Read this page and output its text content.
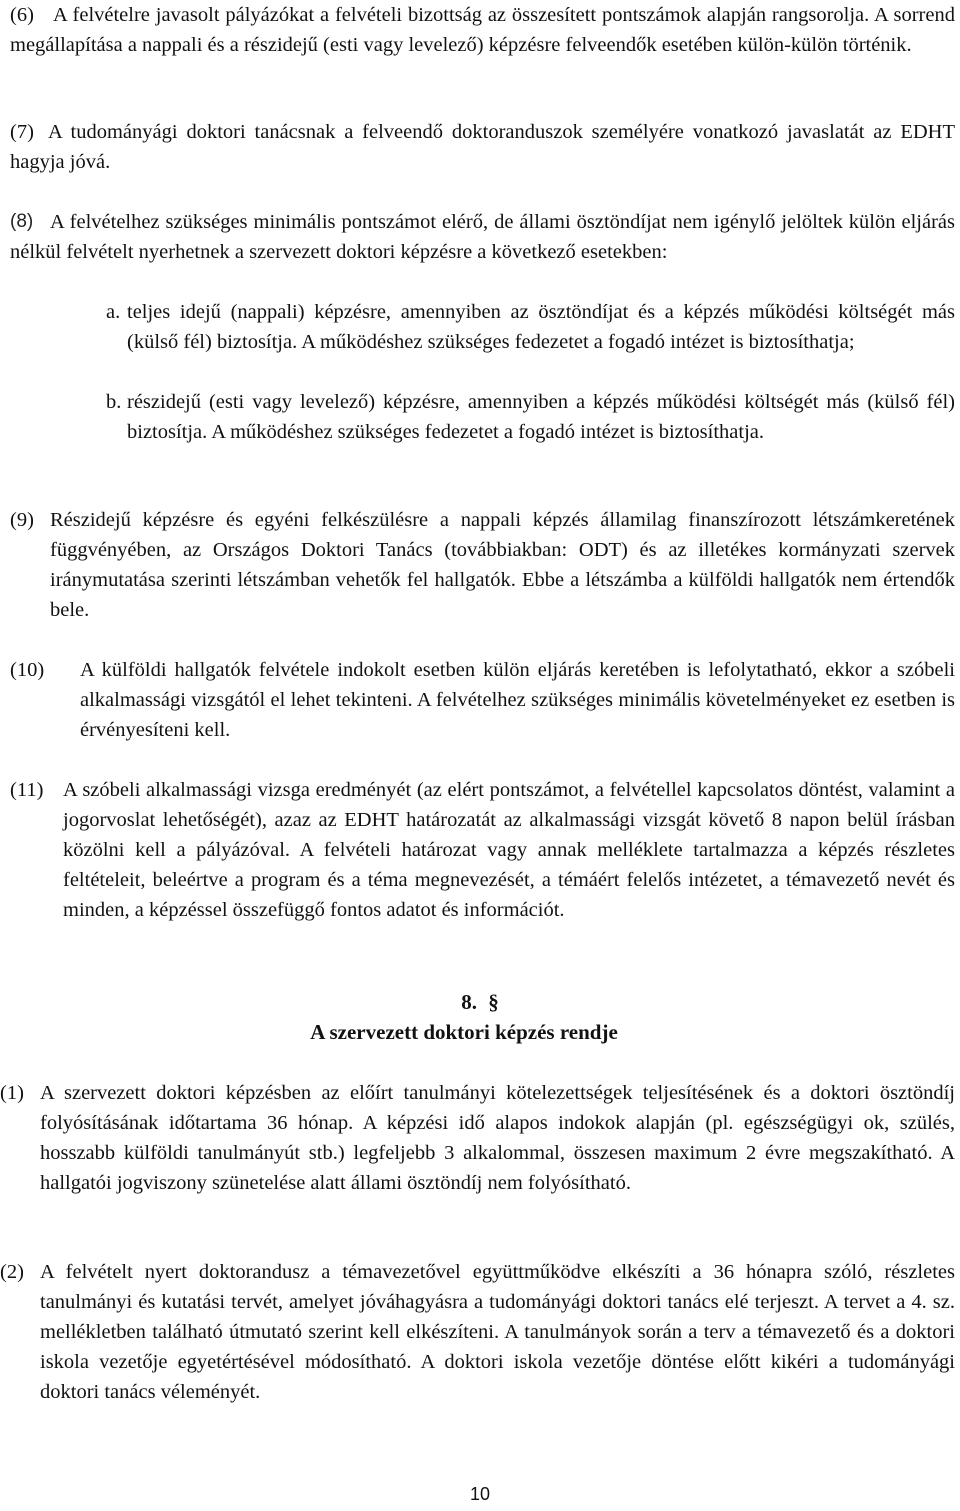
(6) A felvételre javasolt pályázókat a felvételi bizottság az összesített pontszámok alapján rangsorolja. A sorrend megállapítása a nappali és a részidejű (esti vagy levelező) képzésre felveendők esetében külön-külön történik.
(7) A tudományági doktori tanácsnak a felveendő doktoranduszok személyére vonatkozó javaslatát az EDHT hagyja jóvá.
(8) A felvételhez szükséges minimális pontszámot elérő, de állami ösztöndíjat nem igénylő jelöltek külön eljárás nélkül felvételt nyerhetnek a szervezett doktori képzésre a következő esetekben:
a. teljes idejű (nappali) képzésre, amennyiben az ösztöndíjat és a képzés működési költségét más (külső fél) biztosítja. A működéshez szükséges fedezetet a fogadó intézet is biztosíthatja;
b. részidejű (esti vagy levelező) képzésre, amennyiben a képzés működési költségét más (külső fél) biztosítja. A működéshez szükséges fedezetet a fogadó intézet is biztosíthatja.
(9) Részidejű képzésre és egyéni felkészülésre a nappali képzés államilag finanszírozott létszámkeretének függvényében, az Országos Doktori Tanács (továbbiakban: ODT) és az illetékes kormányzati szervek iránymutatása szerinti létszámban vehetők fel hallgatók. Ebbe a létszámba a külföldi hallgatók nem értendők bele.
(10)	A külföldi hallgatók felvétele indokolt esetben külön eljárás keretében is lefolytatható, ekkor a szóbeli alkalmassági vizsgától el lehet tekinteni. A felvételhez szükséges minimális követelményeket ez esetben is érvényesíteni kell.
(11) A szóbeli alkalmassági vizsga eredményét (az elért pontszámot, a felvétellel kapcsolatos döntést, valamint a jogorvoslat lehetőségét), azaz az EDHT határozatát az alkalmassági vizsgát követő 8 napon belül írásban közölni kell a pályázóval. A felvételi határozat vagy annak melléklete tartalmazza a képzés részletes feltételeit, beleértve a program és a téma megnevezését, a témáért felelős intézetet, a témavezető nevét és minden, a képzéssel összefüggő fontos adatot és információt.
8. §
A szervezett doktori képzés rendje
(1) A szervezett doktori képzésben az előírt tanulmányi kötelezettségek teljesítésének és a doktori ösztöndíj folyósításának időtartama 36 hónap. A képzési idő alapos indokok alapján (pl. egészségügyi ok, szülés, hosszabb külföldi tanulmányút stb.) legfeljebb 3 alkalommal, összesen maximum 2 évre megszakítható. A hallgatói jogviszony szünetelése alatt állami ösztöndíj nem folyósítható.
(2) A felvételt nyert doktorandusz a témavezetővel együttműködve elkészíti a 36 hónapra szóló, részletes tanulmányi és kutatási tervét, amelyet jóváhagyásra a tudományági doktori tanács elé terjeszt. A tervet a 4. sz. mellékletben található útmutató szerint kell elkészíteni. A tanulmányok során a terv a témavezető és a doktori iskola vezetője egyetértésével módosítható. A doktori iskola vezetője döntése előtt kikéri a tudományági doktori tanács véleményét.
10
